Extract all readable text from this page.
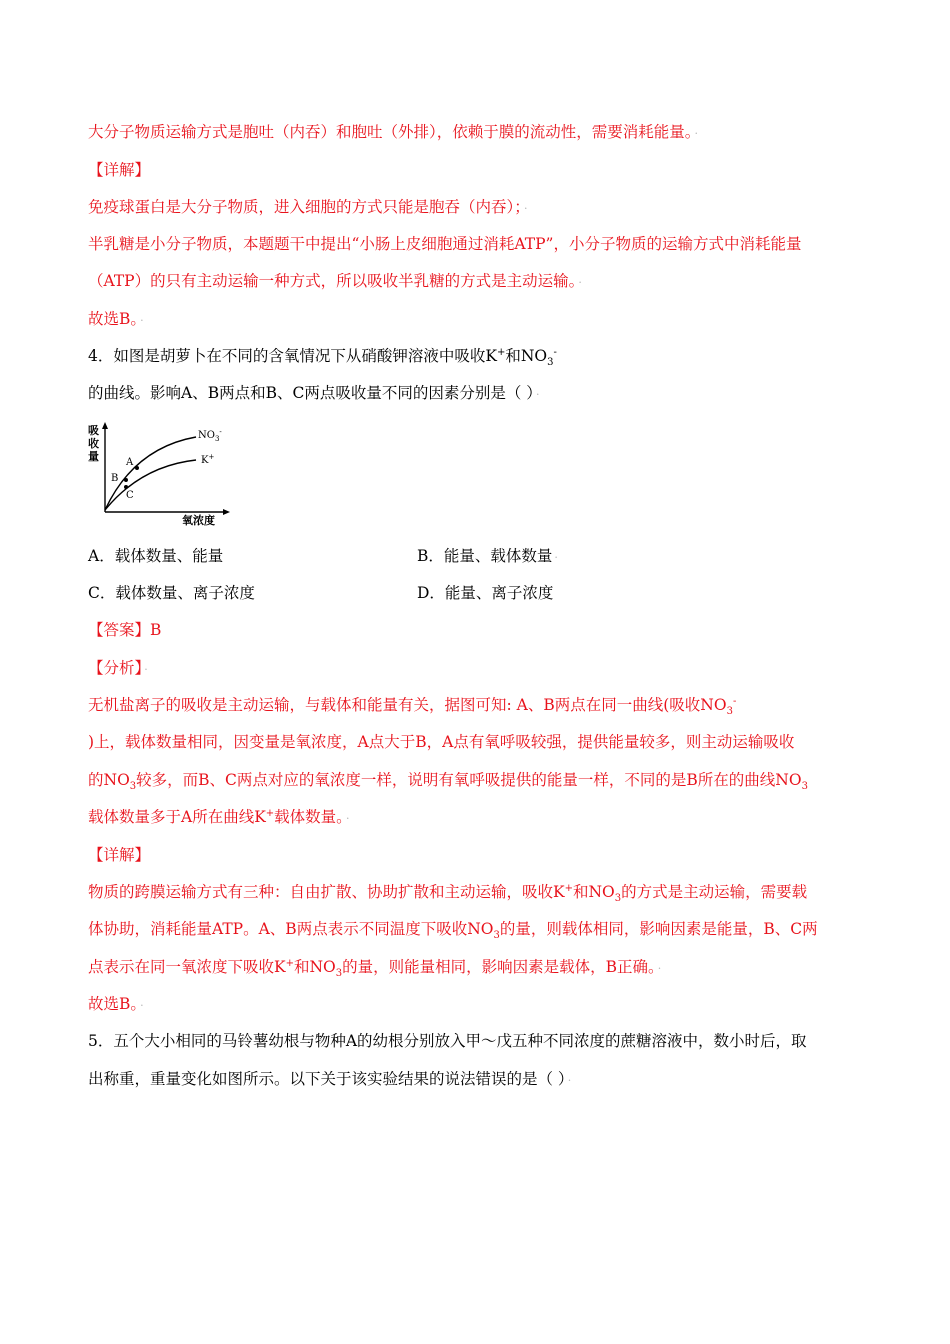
大分子物质运输方式是胞吐（内吞）和胞吐（外排），依赖于膜的流动性，需要消耗能量。 ·
【详解】
免疫球蛋白是大分子物质，进入细胞的方式只能是胞吞（内吞）； ·
半乳糖是小分子物质，本题题干中提出“小肠上皮细胞通过消耗ATP”，小分子物质的运输方式中消耗能量
（ATP）的只有主动运输一种方式，所以吸收半乳糖的方式是主动运输。 ·
故选B。 ·
4．如图是胡萝卜在不同的含氧情况下从硝酸钾溶液中吸收K+和$NO_3^-$
的曲线。影响A、B两点和B、C两点吸收量不同的因素分别是（ ） ·
吸
收
量
氧浓度
$NO_3^-$
K+
A
B
C
A．载体数量、能量	B．能量、载体数量 ·
C．载体数量、离子浓度	D．能量、离子浓度
【答案】B
【分析】 ·
无机盐离子的吸收是主动运输，与载体和能量有关，据图可知: A、B两点在同一曲线(吸收$NO_3^-$
)上，载体数量相同，因变量是氧浓度，A点大于B，A点有氧呼吸较强，提供能量较多，则主动运输吸收
的$NO_3$较多，而B、C两点对应的氧浓度一样，说明有氧呼吸提供的能量一样，不同的是B所在的曲线$NO_3$
载体数量多于A所在曲线K+载体数量。 ·
【详解】
物质的跨膜运输方式有三种：自由扩散、协助扩散和主动运输，吸收K+和$NO_3$的方式是主动运输，需要载
体协助，消耗能量ATP。A、B两点表示不同温度下吸收$NO_3$的量，则载体相同，影响因素是能量，B、C两
点表示在同一氧浓度下吸收K+和$NO_3$的量，则能量相同，影响因素是载体，B正确。 ·
故选B。 ·
5．五个大小相同的马铃薯幼根与物种A的幼根分别放入甲～戊五种不同浓度的蔗糖溶液中，数小时后，取
出称重，重量变化如图所示。以下关于该实验结果的说法错误的是（ ） ·
